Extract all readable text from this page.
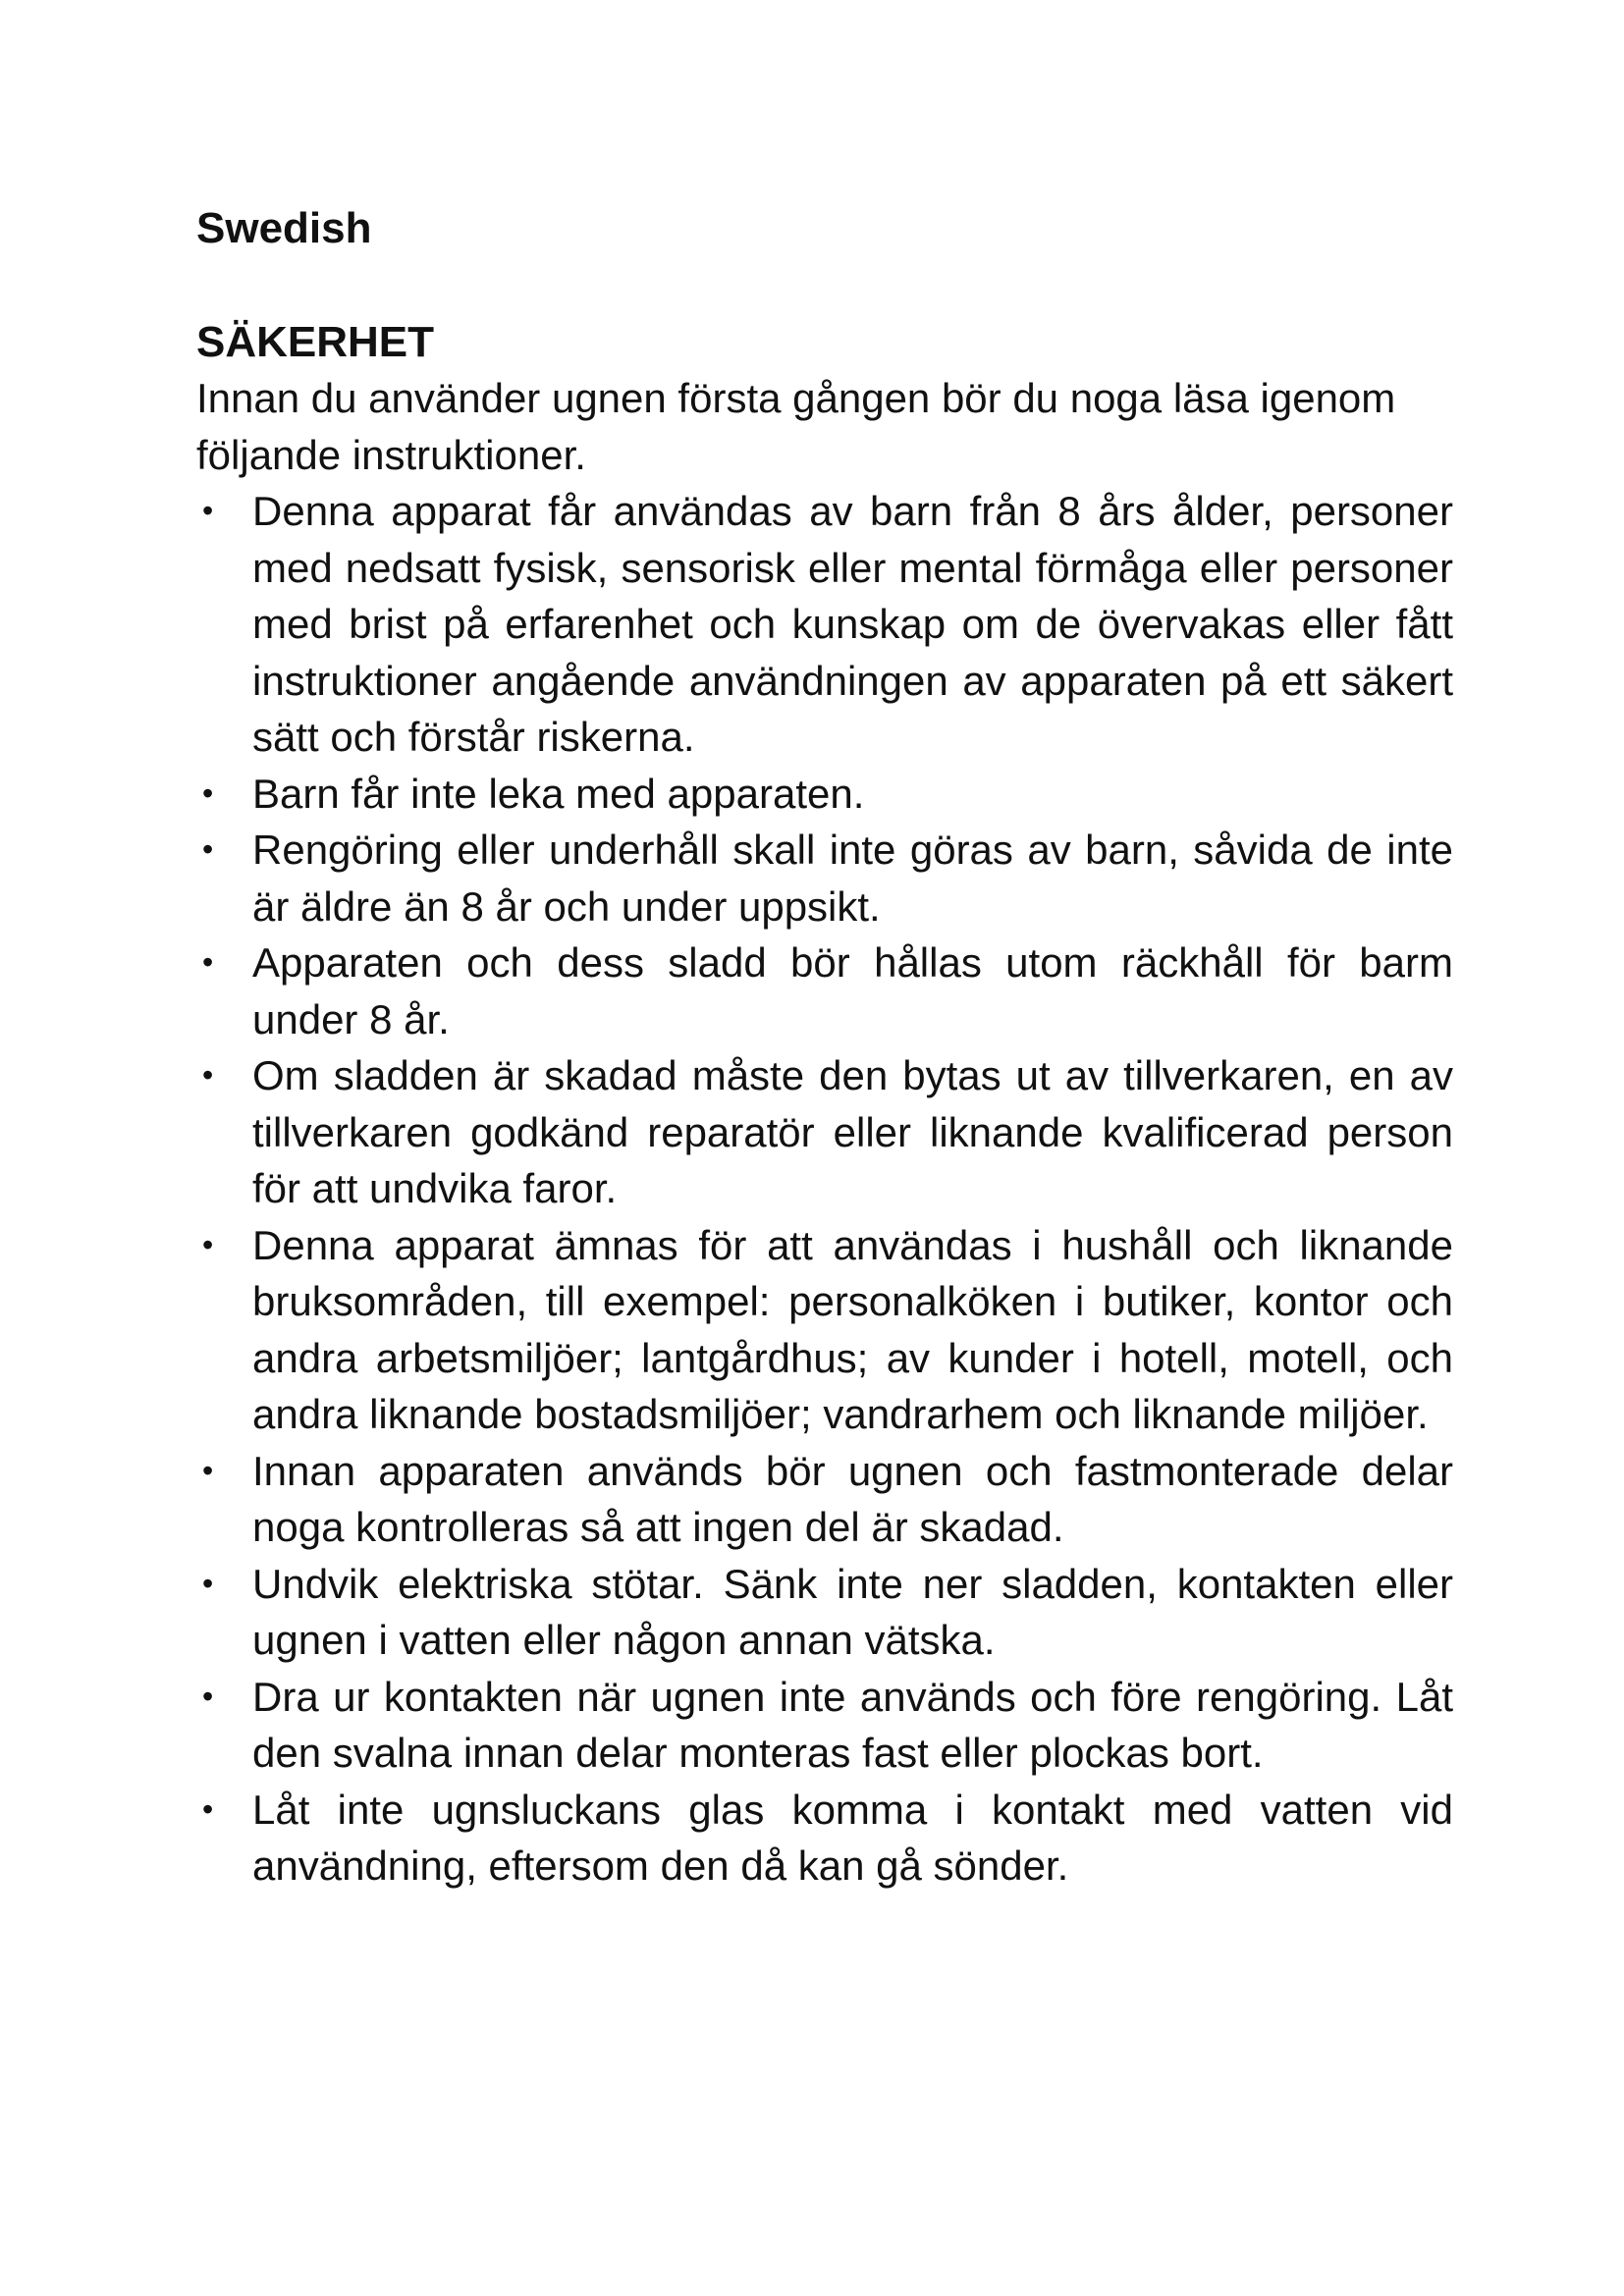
Swedish
SÄKERHET

Innan du använder ugnen första gången bör du noga läsa igenom följande instruktioner.

• Denna apparat får användas av barn från 8 års ålder, personer med nedsatt fysisk, sensorisk eller mental förmåga eller personer med brist på erfarenhet och kunskap om de övervakas eller fått instruktioner angående användningen av apparaten på ett säkert sätt och förstår riskerna.
• Barn får inte leka med apparaten.
• Rengöring eller underhåll skall inte göras av barn, såvida de inte är äldre än 8 år och under uppsikt.
• Apparaten och dess sladd bör hållas utom räckhåll för barm under 8 år.
• Om sladden är skadad måste den bytas ut av tillverkaren, en av tillverkaren godkänd reparatör eller liknande kvalificerad person för att undvika faror.
• Denna apparat ämnas för att användas i hushåll och liknande bruksområden, till exempel: personalköken i butiker, kontor och andra arbetsmiljöer; lantgårdhus; av kunder i hotell, motell, och andra liknande bostadsmiljöer; vandrarhem och liknande miljöer.
• Innan apparaten används bör ugnen och fastmonterade delar noga kontrolleras så att ingen del är skadad.
• Undvik elektriska stötar. Sänk inte ner sladden, kontakten eller ugnen i vatten eller någon annan vätska.
• Dra ur kontakten när ugnen inte används och före rengöring. Låt den svalna innan delar monteras fast eller plockas bort.
• Låt inte ugnsluckans glas komma i kontakt med vatten vid användning, eftersom den då kan gå sönder.
